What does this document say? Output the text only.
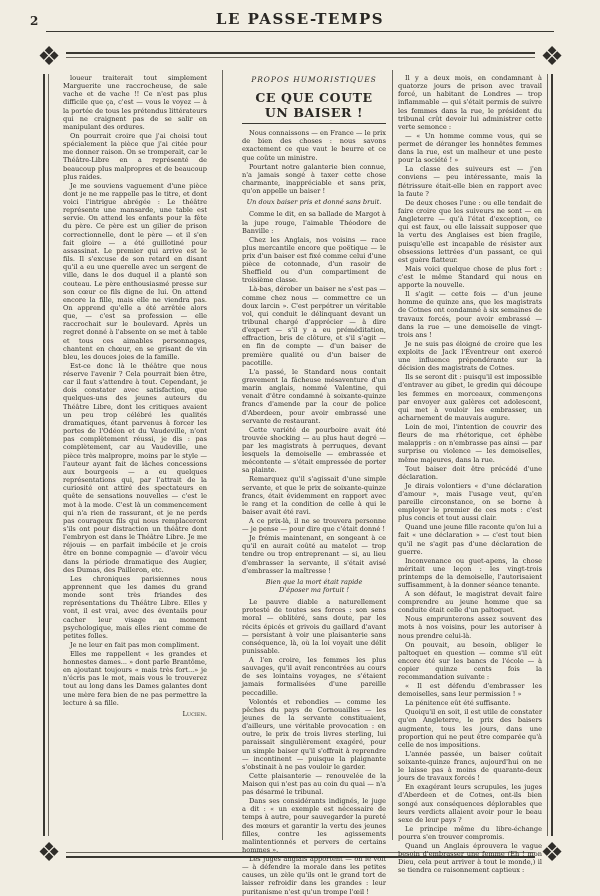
2	LE PASSE-TEMPS
❖	❖
❖	❖

loueur traiterait tout simplement Marguerite une raccrocheuse, de sale vache et de vache !! Ce n'est pas plus difficile que ça, c'est — vous le voyez — à la portée de tous les prétendus littérateurs qui ne craignent pas de se salir en manipulant des ordures.

On pourrait croire que j'ai choisi tout spécialement la pièce que j'ai citée pour me donner raison. On se tromperait, car le Théâtre-Libre en a représenté de beaucoup plus malpropres et de beaucoup plus raides.

Je me souviens vaguement d'une pièce dont je ne me rappelle pas le titre, et dont voici l'intrigue abrégée : Le théâtre représente une mansarde, une table est servie. On attend les enfants pour la fête du père. Ce père est un gilier de prison correctionnelle, dont le père — et il s'en fait gloire — a été guillotiné pour assassinat. Le premier qui arrive est le fils. Il s'excuse de son retard en disant qu'il a eu une querelle avec un sergent de ville, dans le dos duquel il a planté son couteau. Le père enthousiasmé presse sur son cœur ce fils digne de lui. On attend encore la fille, mais elle ne viendra pas. On apprend qu'elle a été arrêtée alors que, — c'est sa profession — elle raccrochait sur le boulevard. Après un regret donné à l'absente on se met à table et tous ces aimables personnages, chantent en chœur, en se grisant de vin bleu, les douces joies de la famille.

Est-ce donc là le théâtre que nous réserve l'avenir ? Cela pourrait bien être, car il faut s'attendre à tout. Cependant, je dois constater avec satisfaction, que quelques-uns des jeunes auteurs du Théâtre Libre, dont les critiques avaient un peu trop célébré les qualités dramatiques, étant parvenus à forcer les portes de l'Odéon et du Vaudeville, n'ont pas complètement réussi, je dis : pas complètement, car au Vaudeville, une pièce très malpropre, moins par le style — l'auteur ayant fait de lâches concessions aux bourgeois — a eu quelques représentations qui, par l'attrait de la curiosité ont attiré des spectateurs en quête de sensations nouvelles — c'est le mot à la mode. C'est là un commencement qui n'a rien de rassurant, et je ne perds pas courageux fils qui nous remplaceront s'ils ont pour distraction un théâtre dont l'embryon est dans le Théâtre Libre. Je me réjouis — en parfait imbécile et je crois être en bonne compagnie — d'avoir vécu dans la période dramatique des Augier, des Dumas, des Pailleron, etc.

Les chroniques parisiennes nous apprennent que les dames du grand monde sont très friandes des représentations du Théâtre Libre. Elles y vont, il est vrai, avec des éventails pour cacher leur visage au moment psychologique, mais elles rient comme de petites folles.

Je ne leur en fait pas mon compliment.

Elles me rappellent « les grandes et honnestes dames... » dont parle Brantôme, en ajoutant toujours « mais très fort...» je n'écris pas le mot, mais vous le trouverez tout au long dans les Dames galantes dont une mère fera bien de ne pas permettre la lecture à sa fille.

Lucien.

PROPOS HUMORISTIQUES
CE QUE COUTE UN BAISER !

Nous connaissons — en France — le prix de bien des choses : nous savons exactement ce que vaut le beurre et ce que coûte un ministre.

Pourtant notre galanterie bien connue, n'a jamais songé à taxer cette chose charmante, inappréciable et sans prix, qu'on appelle un baiser !

Un doux baiser pris et donné sans bruit.

Comme le dit, en sa ballade de Margot à la jupe rouge, l'aimable Théodore de Banville :

Chez les Anglais, nos voisins — race plus mercantile encore que poëtique — le prix d'un baiser est fixé comme celui d'une pièce de cotonnade, d'un rasoir de Sheffield ou d'un compartiment de troisième classe.

Là-bas, dérober un baiser ne s'est pas — comme chez nous — commettre ce un doux larcin ». C'est perpétrer un véritable vol, qui conduit le délinquant devant un tribunal chargé d'apprécier — à dire d'expert — s'il y a eu préméditation, effraction, bris de clôture, et s'il s'agit — en fin de compte — d'un baiser de première qualité ou d'un baiser de pacotille.

L'a passé, le Standard nous contait gravement la fâcheuse mésaventure d'un marin anglais, nommé Valentine, qui venait d'être condamné à soixante-quinze francs d'amende par la cour de police d'Aberdeen, pour avoir embrassé une servante de restaurant.

Cette variété de pourboire avait été trouvée shocking — au plus haut degré — par les magistrats à perruques, devant lesquels la demoiselle — embrassée et mécontente — s'était empressée de porter sa plainte.

Remarquez qu'il s'agissait d'une simple servante, et que le prix de soixante-quinze francs, était évidemment en rapport avec le rang et la condition de celle à qui le baiser avait été ravi.

A ce prix-là, il ne se trouvera personne — je pense — pour dire que c'était donné !

Je frémis maintenant, en songeant à ce qu'il en aurait coûté au matelot — trop tendre ou trop entreprenant — si, au lieu d'embrasser la servante, il s'était avisé d'embrasser la maîtresse !

Bien que la mort était rapide
D'époser ma fortuit !

Le pauvre diable a naturellement protesté de toutes ses forces : son sens moral — oblitéré, sans doute, par les récits épicés et grivois du gaillard d'avant — persistant à voir une plaisanterie sans conséquence, là, où la loi voyait une délit punissable.

A l'en croire, les femmes les plus sauvages, qu'il avait rencontrées au cours de ses lointains voyages, ne s'étaient jamais formalisées d'une pareille peccadille.

Volontés et rebondies — comme les pêches du pays de Cornouailles — les jeunes de la servante constituaient, d'ailleurs, une véritable provocation : en outre, le prix de trois livres sterling, lui paraissait singulièrement exagéré, pour un simple baiser qu'il s'offrait à reprendre — incontinent — puisque la plaignante s'obstinait à ne pas vouloir le garder.

Cette plaisanterie — renouvelée de la Maison qui n'est pas au coin du quai — n'a pas désarmé le tribunal.

Dans ses considérants indignés, le juge a dit : « un exemple est nécessaire de temps à autre, pour sauvegarder la pureté des mœurs et garantir la vertu des jeunes filles, contre les agissements malintentionnés et pervers de certains hommes ».

Les juges anglais apportent — on le voit — à défendre la morale dans les petites causes, un zèle qu'ils ont le grand tort de laisser refroidir dans les grandes : leur puritanisme n'est qu'un trompe l'œil !

Il y a deux mois, en condamnant à quatorze jours de prison avec travail forcé, un habitant de Londres — trop inflammable — qui s'était permis de suivre les femmes dans la rue, le président du tribunal crût devoir lui administrer cette verte semonce :

— « Un homme comme vous, qui se permet de déranger les honnêtes femmes dans la rue, est un malheur et une peste pour la société ! »

La classe des suiveurs est — j'en conviens — peu intéressante, mais la flétrissure était-elle bien en rapport avec la faute ?

De deux choses l'une : ou elle tendait de faire croire que les suiveurs ne sont — en Angleterre — qu'à l'état d'exception, ce qui est faux, ou elle laissait supposer que la vertu des Anglaises est bien fragile, puisqu'elle est incapable de résister aux obsessions lettrées d'un passant, ce qui est guère flatteur.

Mais voici quelque chose de plus fort : c'est le même Standard qui nous en apporte la nouvelle.

Il s'agit — cette fois — d'un jeune homme de quinze ans, que les magistrats de Cotnes ont condamné à six semaines de travaux forcés, pour avoir embrassé — dans la rue — une demoiselle de vingt-trois ans !

Je ne suis pas éloigné de croire que les exploits de Jack l'Éventreur ont exercé une influence prépondérante sur la décision des magistrats de Cotnes.

Ils se seront dit : puisqu'il est impossible d'entraver au gibet, le gredin qui découpe les femmes en morceaux, commençons par envoyer aux galères cet adolescent, qui met à vouloir les embrasser, un acharnement de mauvais augure.

Loin de moi, l'intention de couvrir des fleurs de ma rhétorique, cet éphèbe malappris : on n'embrasse pas ainsi — par surprise ou violence — les demoiselles, même majeures, dans la rue.

Tout baiser doit être précédé d'une déclaration.

Je dirais volontiers « d'une déclaration d'amour », mais l'usage veut, qu'en pareille circonstance, on se borne à employer le premier de ces mots : c'est plus concis et tout aussi clair.

Quand une jeune fille raconte qu'on lui a fait « une déclaration » — c'est tout bien qu'il ne s'agit pas d'une déclaration de guerre.

Inconvenance ou guet-apens, la chose méritait une leçon : les vingt-trois printemps de la demoiselle, l'autorisaient suffisamment, à la donner séance tenante.

A son défaut, le magistrat devait faire comprendre au jeune homme que sa conduite était celle d'un paltoquet.

Nous emprunterons assez souvent des mots à nos voisins, pour les autoriser à nous prendre celui-là.

On pouvait, au besoin, obliger le paltoquet en question — comme s'il eût encore été sur les bancs de l'école — à copier quinze cents fois la recommandation suivante :

« Il est défendu d'embrasser les demoiselles, sans leur permission ! »

La pénitence eût été suffisante.

Quoiqu'il en soit, il est utile de constater qu'en Angleterre, le prix des baisers augmente, tous les jours, dans une proportion qui ne peut être comparée qu'à celle de nos impositions.

L'année passée, un baiser coûtait soixante-quinze francs, aujourd'hui on ne le laisse pas à moins de quarante-deux jours de travaux forcés !

En exagérant leurs scrupules, les juges d'Aberdeen et de Cotnes, ont-ils bien songé aux conséquences déplorables que leurs verdicts allaient avoir pour le beau sexe de leur pays ?

Le principe même du libre-échange pourra s'en trouver compromis.

Quand un Anglais éprouvera le vague besoin d'embrasser une femme (Eh ! mon Dieu, cela peut arriver à tout le monde,) il se tiendra ce raisonnement captieux :
